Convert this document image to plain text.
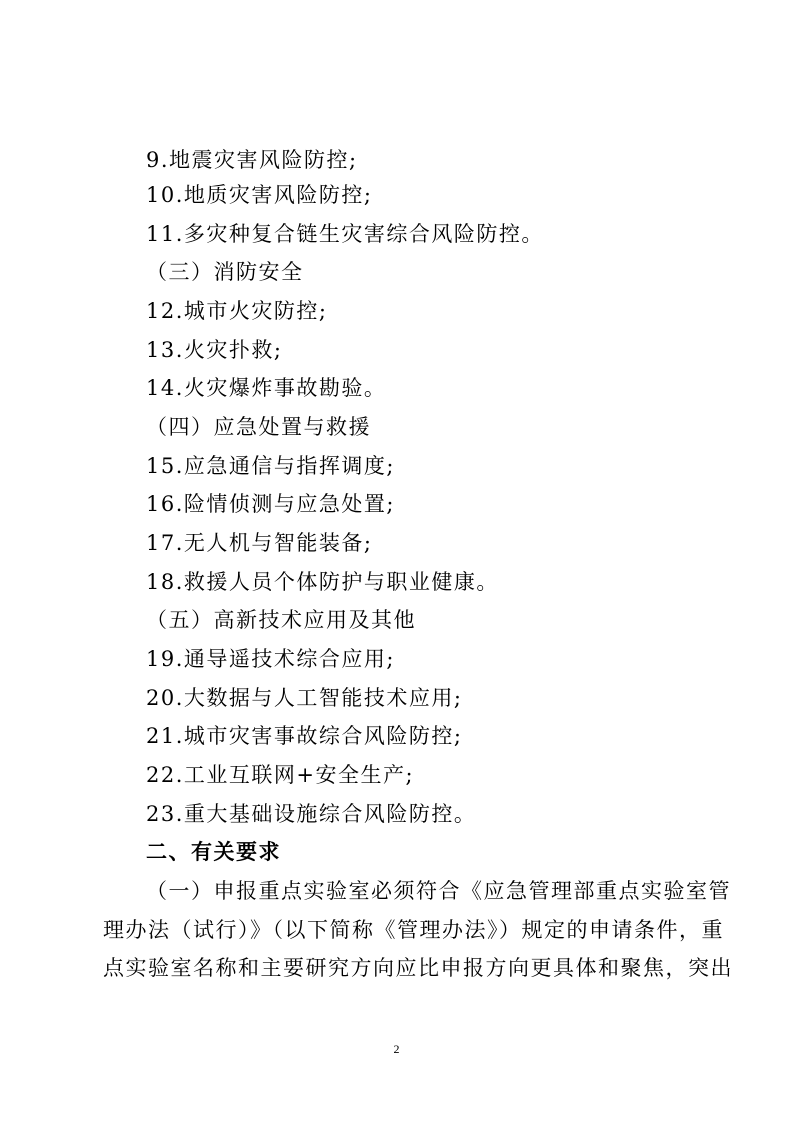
9.地震灾害风险防控;
10.地质灾害风险防控;
11.多灾种复合链生灾害综合风险防控。
（三）消防安全
12.城市火灾防控;
13.火灾扑救;
14.火灾爆炸事故勘验。
（四）应急处置与救援
15.应急通信与指挥调度;
16.险情侦测与应急处置;
17.无人机与智能装备;
18.救援人员个体防护与职业健康。
（五）高新技术应用及其他
19.通导遥技术综合应用;
20.大数据与人工智能技术应用;
21.城市灾害事故综合风险防控;
22.工业互联网+安全生产;
23.重大基础设施综合风险防控。
二、有关要求
（一）申报重点实验室必须符合《应急管理部重点实验室管
理办法（试行）》（以下简称《管理办法》）规定的申请条件，重
点实验室名称和主要研究方向应比申报方向更具体和聚焦，突出
2
